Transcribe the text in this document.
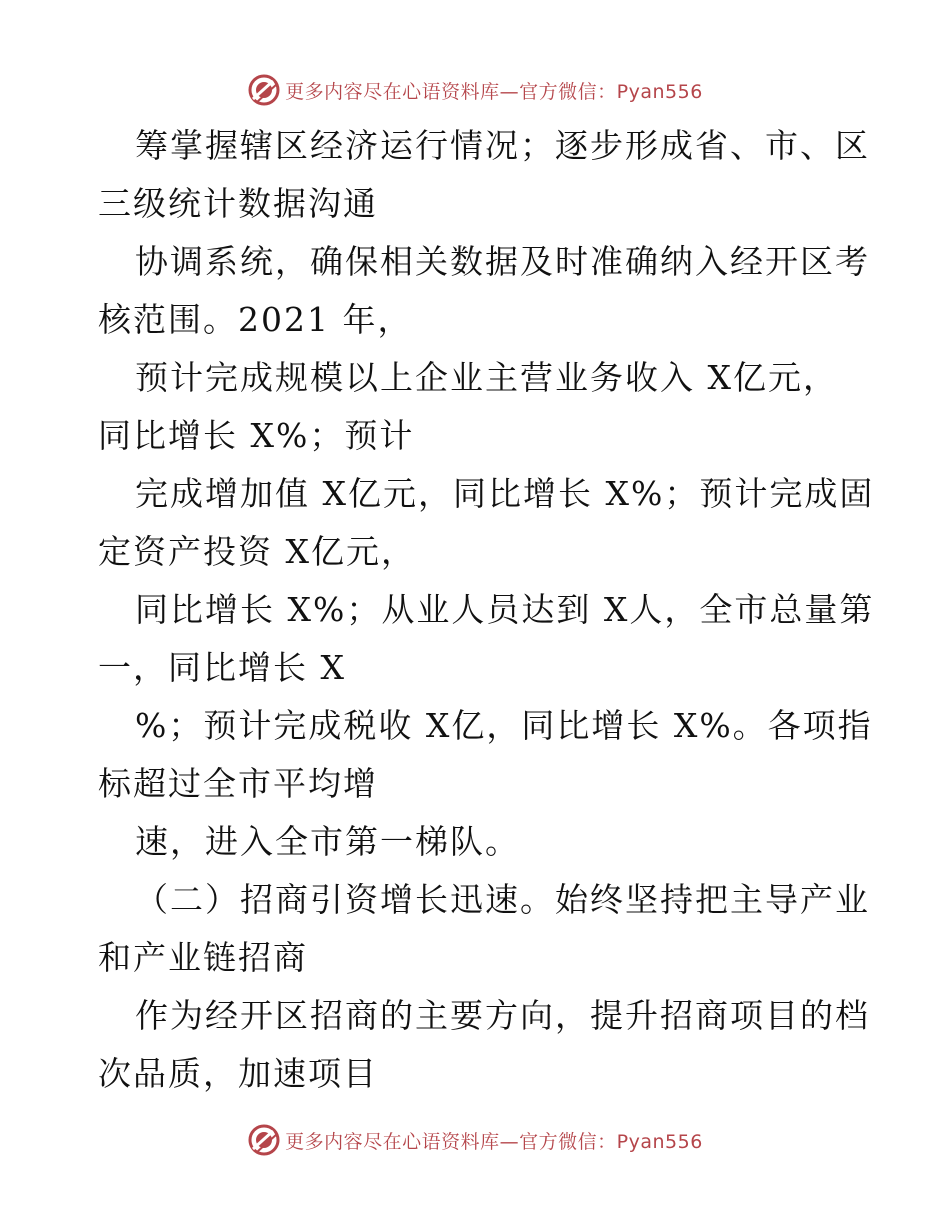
更多内容尽在心语资料库—官方微信：Pyan556

筹掌握辖区经济运行情况；逐步形成省、市、区

三级统计数据沟通

协调系统，确保相关数据及时准确纳入经开区考

核范围。2021 年，

预计完成规模以上企业主营业务收入 X亿元，

同比增长 X%；预计

完成增加值 X亿元，同比增长 X%；预计完成固

定资产投资 X亿元，

同比增长 X%；从业人员达到 X人，全市总量第

一，同比增长 X

%；预计完成税收 X亿，同比增长 X%。各项指

标超过全市平均增

速，进入全市第一梯队。

（二）招商引资增长迅速。始终坚持把主导产业

和产业链招商

作为经开区招商的主要方向，提升招商项目的档

次品质，加速项目

更多内容尽在心语资料库—官方微信：Pyan556
